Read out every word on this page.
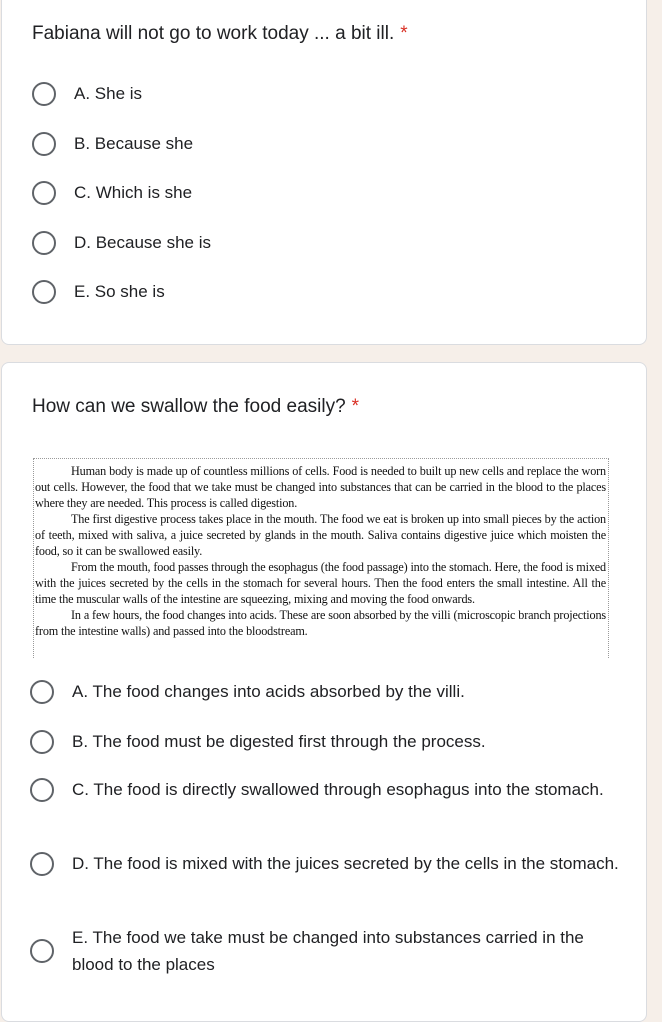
Fabiana will not go to work today ... a bit ill. *
A. She is
B. Because she
C. Which is she
D. Because she is
E. So she is
How can we swallow the food easily? *

Human body is made up of countless millions of cells. Food is needed to built up new cells and replace the worn out cells. However, the food that we take must be changed into substances that can be carried in the blood to the places where they are needed. This process is called digestion.

The first digestive process takes place in the mouth. The food we eat is broken up into small pieces by the action of teeth, mixed with saliva, a juice secreted by glands in the mouth. Saliva contains digestive juice which moisten the food, so it can be swallowed easily.

From the mouth, food passes through the esophagus (the food passage) into the stomach. Here, the food is mixed with the juices secreted by the cells in the stomach for several hours. Then the food enters the small intestine. All the time the muscular walls of the intestine are squeezing, mixing and moving the food onwards.

In a few hours, the food changes into acids. These are soon absorbed by the villi (microscopic branch projections from the intestine walls) and passed into the bloodstream.

A. The food changes into acids absorbed by the villi.
B. The food must be digested first through the process.
C. The food is directly swallowed through esophagus into the stomach.
D. The food is mixed with the juices secreted by the cells in the stomach.
E. The food we take must be changed into substances carried in the blood to the places
